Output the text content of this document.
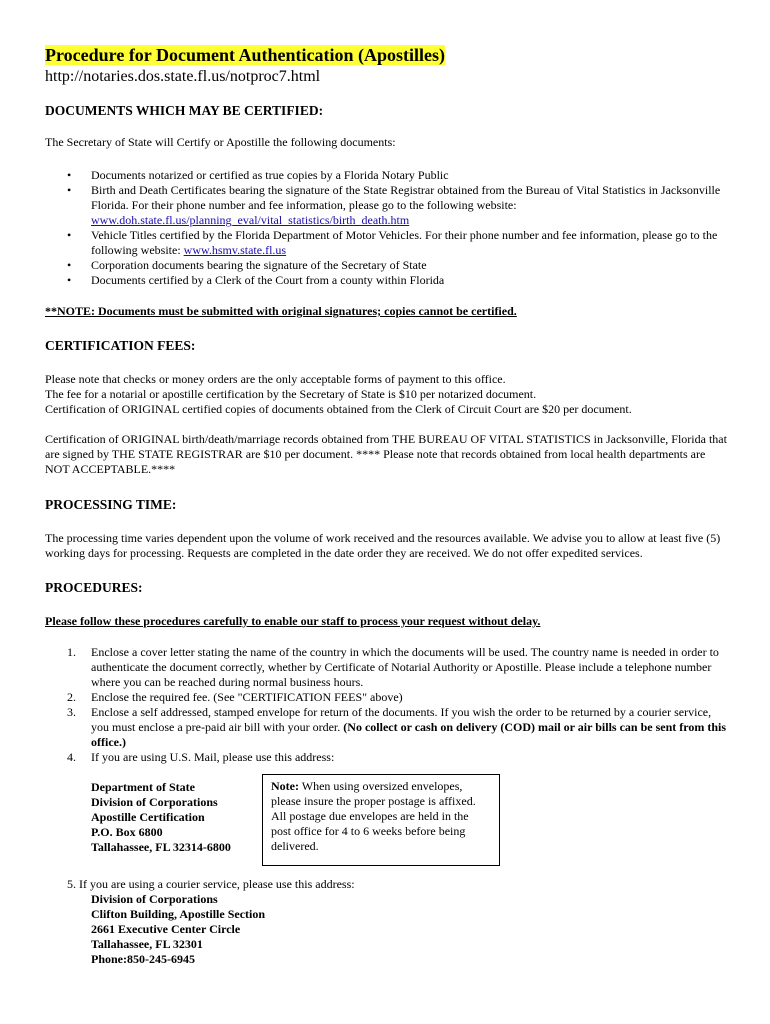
Procedure for Document Authentication (Apostilles)
http://notaries.dos.state.fl.us/notproc7.html
DOCUMENTS WHICH MAY BE CERTIFIED:

The Secretary of State will Certify or Apostille the following documents:

• Documents notarized or certified as true copies by a Florida Notary Public
• Birth and Death Certificates bearing the signature of the State Registrar obtained from the Bureau of Vital Statistics in Jacksonville Florida. For their phone number and fee information, please go to the following website:
www.doh.state.fl.us/planning_eval/vital_statistics/birth_death.htm
• Vehicle Titles certified by the Florida Department of Motor Vehicles. For their phone number and fee information, please go to the following website: www.hsmv.state.fl.us
• Corporation documents bearing the signature of the Secretary of State
• Documents certified by a Clerk of the Court from a county within Florida
**NOTE: Documents must be submitted with original signatures; copies cannot be certified.
CERTIFICATION FEES:

Please note that checks or money orders are the only acceptable forms of payment to this office.

The fee for a notarial or apostille certification by the Secretary of State is $10 per notarized document.

Certification of ORIGINAL certified copies of documents obtained from the Clerk of Circuit Court are $20 per document.

Certification of ORIGINAL birth/death/marriage records obtained from THE BUREAU OF VITAL STATISTICS in Jacksonville, Florida that are signed by THE STATE REGISTRAR are $10 per document. **** Please note that records obtained from local health departments are NOT ACCEPTABLE.****

PROCESSING TIME:

The processing time varies dependent upon the volume of work received and the resources available. We advise you to allow at least five (5) working days for processing. Requests are completed in the date order they are received. We do not offer expedited services.

PROCEDURES:
Please follow these procedures carefully to enable our staff to process your request without delay.
1. Enclose a cover letter stating the name of the country in which the documents will be used. The country name is needed in order to authenticate the document correctly, whether by Certificate of Notarial Authority or Apostille. Please include a telephone number where you can be reached during normal business hours.
2. Enclose the required fee. (See "CERTIFICATION FEES" above)
3. Enclose a self addressed, stamped envelope for return of the documents. If you wish the order to be returned by a courier service, you must enclose a pre-paid air bill with your order. (No collect or cash on delivery (COD) mail or air bills can be sent from this office.)
4. If you are using U.S. Mail, please use this address:
Department of State
Division of Corporations
Apostille Certification
P.O. Box 6800
Tallahassee, FL 32314-6800
Note: When using oversized envelopes, please insure the proper postage is affixed. All postage due envelopes are held in the post office for 4 to 6 weeks before being delivered.

5. If you are using a courier service, please use this address:

Division of Corporations
Clifton Building, Apostille Section
2661 Executive Center Circle
Tallahassee, FL 32301
Phone:850-245-6945
